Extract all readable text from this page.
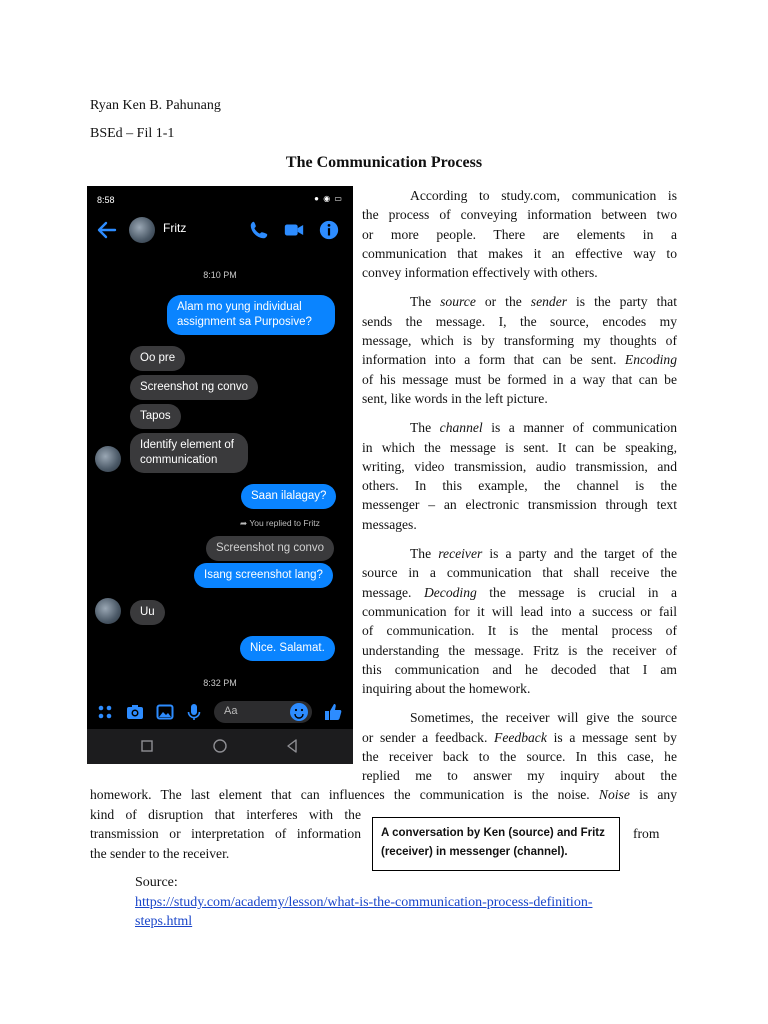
Ryan Ken B. Pahunang
BSEd – Fil 1-1
The Communication Process
8:58	● ◉ ▭
Fritz
8:10 PM
Alam mo yung individual
assignment sa Purposive?
Oo pre
Screenshot ng convo
Tapos
Identify element of
communication
Saan ilalagay?
➦ You replied to Fritz
Screenshot ng convo
Isang screenshot lang?
Uu
Nice. Salamat.
8:32 PM
Aa
According to study.com, communication is
the process of conveying information between two
or more people. There are elements in a
communication that makes it an effective way to
convey information effectively with others.
The source or the sender is the party that
sends the message. I, the source, encodes my
message, which is by transforming my thoughts of
information into a form that can be sent. Encoding
of his message must be formed in a way that can be
sent, like words in the left picture.
The channel is a manner of communication
in which the message is sent. It can be speaking,
writing, video transmission, audio transmission, and
others. In this example, the channel is the
messenger – an electronic transmission through text
messages.
The receiver is a party and the target of the
source in a communication that shall receive the
message. Decoding the message is crucial in a
communication for it will lead into a success or fail
of communication. It is the mental process of
understanding the message. Fritz is the receiver of
this communication and he decoded that I am
inquiring about the homework.
Sometimes, the receiver will give the source
or sender a feedback. Feedback is a message sent by
the receiver back to the source. In this case, he
replied me to answer my inquiry about the
homework. The last element that can influences the communication is the noise. Noise is any
kind of disruption that interferes with the
transmission or interpretation of information
the sender to the receiver.
from
A conversation by Ken (source) and Fritz
(receiver) in messenger (channel).
Source:
https://study.com/academy/lesson/what-is-the-communication-process-definition-
steps.html
